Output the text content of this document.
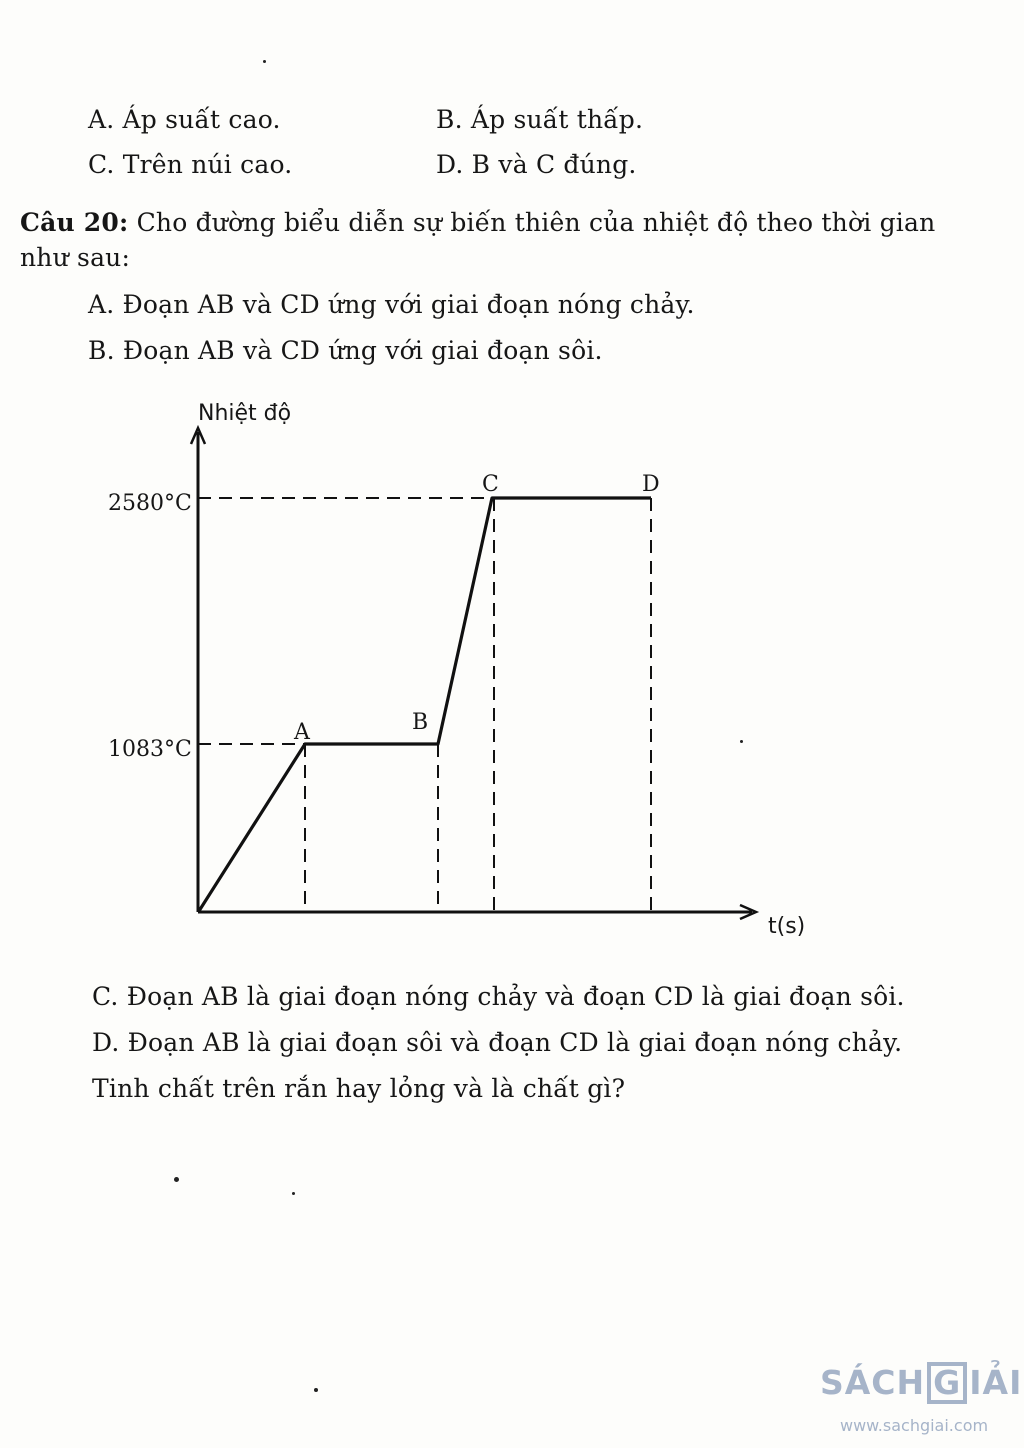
A. Áp suất cao.	B. Áp suất thấp.
C. Trên núi cao.	D. B và C đúng.
Câu 20: Cho đường biểu diễn sự biến thiên của nhiệt độ theo thời gian
như sau:
A. Đoạn AB và CD ứng với giai đoạn nóng chảy.
B. Đoạn AB và CD ứng với giai đoạn sôi.
Nhiệt độ
t(s)
2580°C
1083°C
A	B
C	D
C. Đoạn AB là giai đoạn nóng chảy và đoạn CD là giai đoạn sôi.
D. Đoạn AB là giai đoạn sôi và đoạn CD là giai đoạn nóng chảy.
Tinh chất trên rắn hay lỏng và là chất gì?
SÁCH G IẢI
www.sachgiai.com
